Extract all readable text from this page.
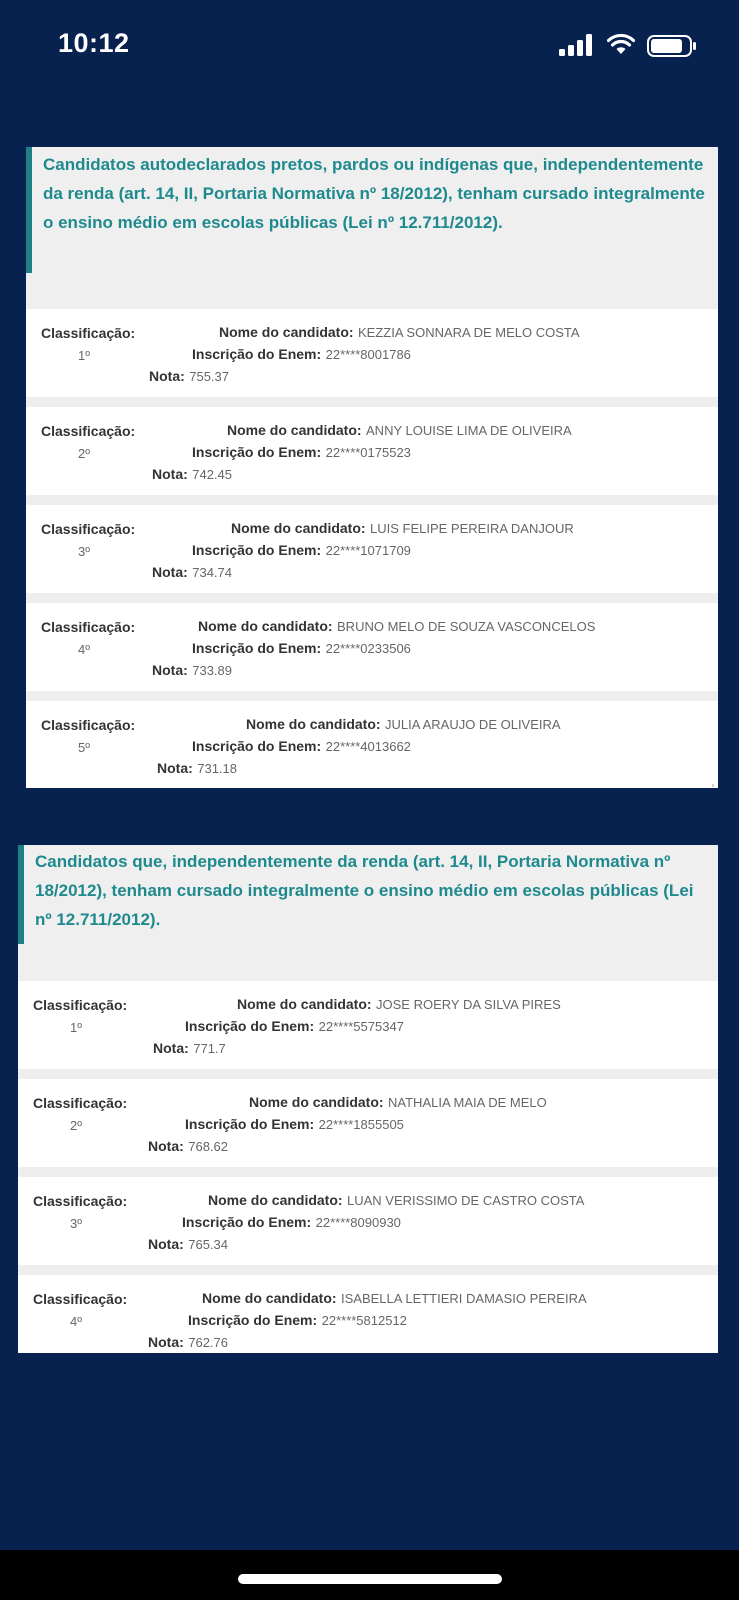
10:12

Candidatos autodeclarados pretos, pardos ou indígenas que, independentemente da renda (art. 14, II, Portaria Normativa nº 18/2012), tenham cursado integralmente o ensino médio em escolas públicas (Lei nº 12.711/2012).

Classificação:
1º
Nome do candidato: KEZZIA SONNARA DE MELO COSTA
Inscrição do Enem: 22****8001786
Nota: 755.37
Classificação:
2º
Nome do candidato: ANNY LOUISE LIMA DE OLIVEIRA
Inscrição do Enem: 22****0175523
Nota: 742.45
Classificação:
3º
Nome do candidato: LUIS FELIPE PEREIRA DANJOUR
Inscrição do Enem: 22****1071709
Nota: 734.74
Classificação:
4º
Nome do candidato: BRUNO MELO DE SOUZA VASCONCELOS
Inscrição do Enem: 22****0233506
Nota: 733.89
Classificação:
5º
Nome do candidato: JULIA ARAUJO DE OLIVEIRA
Inscrição do Enem: 22****4013662
Nota: 731.18

Candidatos que, independentemente da renda (art. 14, II, Portaria Normativa nº 18/2012), tenham cursado integralmente o ensino médio em escolas públicas (Lei nº 12.711/2012).

Classificação:
1º
Nome do candidato: JOSE ROERY DA SILVA PIRES
Inscrição do Enem: 22****5575347
Nota: 771.7
Classificação:
2º
Nome do candidato: NATHALIA MAIA DE MELO
Inscrição do Enem: 22****1855505
Nota: 768.62
Classificação:
3º
Nome do candidato: LUAN VERISSIMO DE CASTRO COSTA
Inscrição do Enem: 22****8090930
Nota: 765.34
Classificação:
4º
Nome do candidato: ISABELLA LETTIERI DAMASIO PEREIRA
Inscrição do Enem: 22****5812512
Nota: 762.76
